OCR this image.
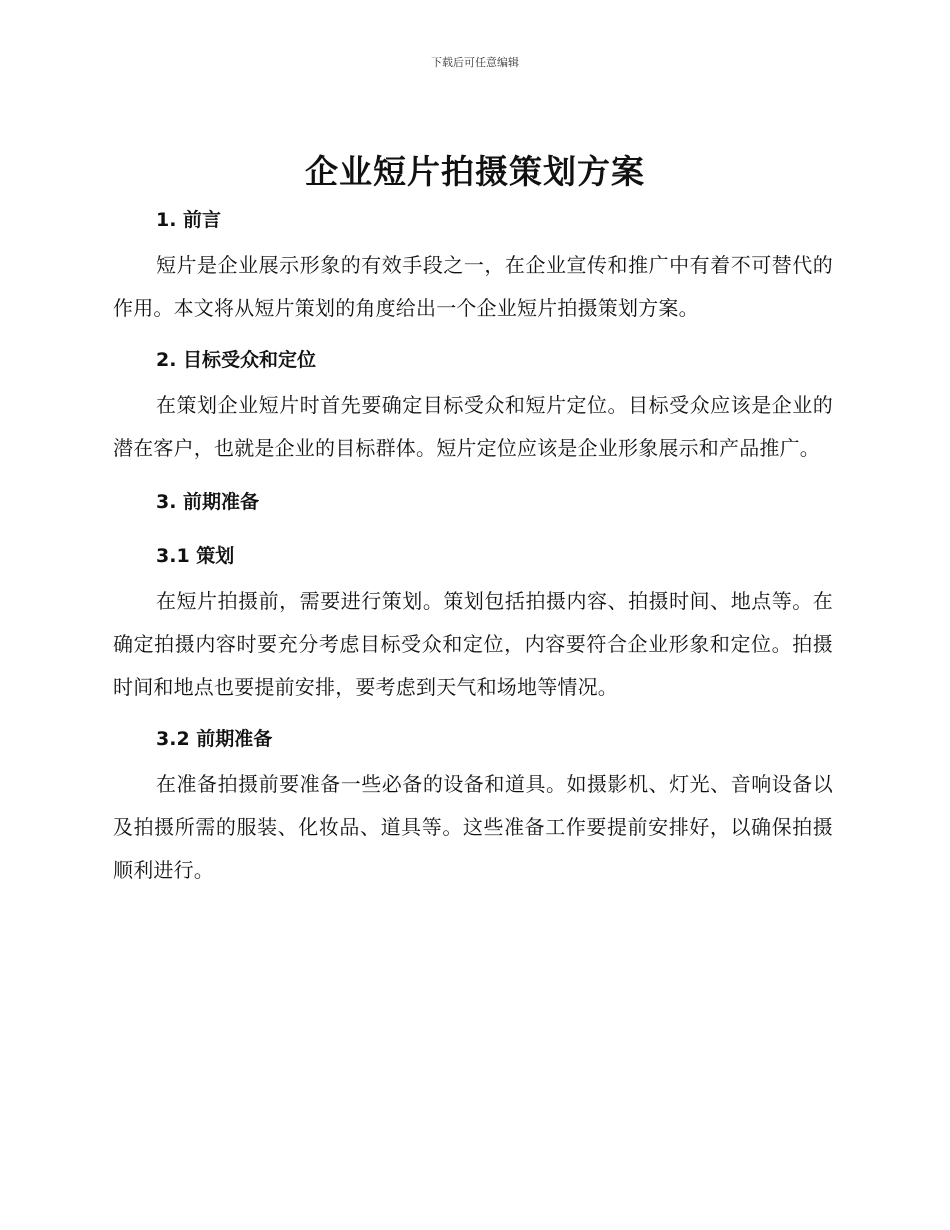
下载后可任意编辑
企业短片拍摄策划方案
1. 前言

短片是企业展示形象的有效手段之一，在企业宣传和推广中有着不可替代的作用。本文将从短片策划的角度给出一个企业短片拍摄策划方案。

2. 目标受众和定位

在策划企业短片时首先要确定目标受众和短片定位。目标受众应该是企业的潜在客户，也就是企业的目标群体。短片定位应该是企业形象展示和产品推广。

3. 前期准备
3.1 策划

在短片拍摄前，需要进行策划。策划包括拍摄内容、拍摄时间、地点等。在确定拍摄内容时要充分考虑目标受众和定位，内容要符合企业形象和定位。拍摄时间和地点也要提前安排，要考虑到天气和场地等情况。

3.2 前期准备

在准备拍摄前要准备一些必备的设备和道具。如摄影机、灯光、音响设备以及拍摄所需的服装、化妆品、道具等。这些准备工作要提前安排好，以确保拍摄顺利进行。
